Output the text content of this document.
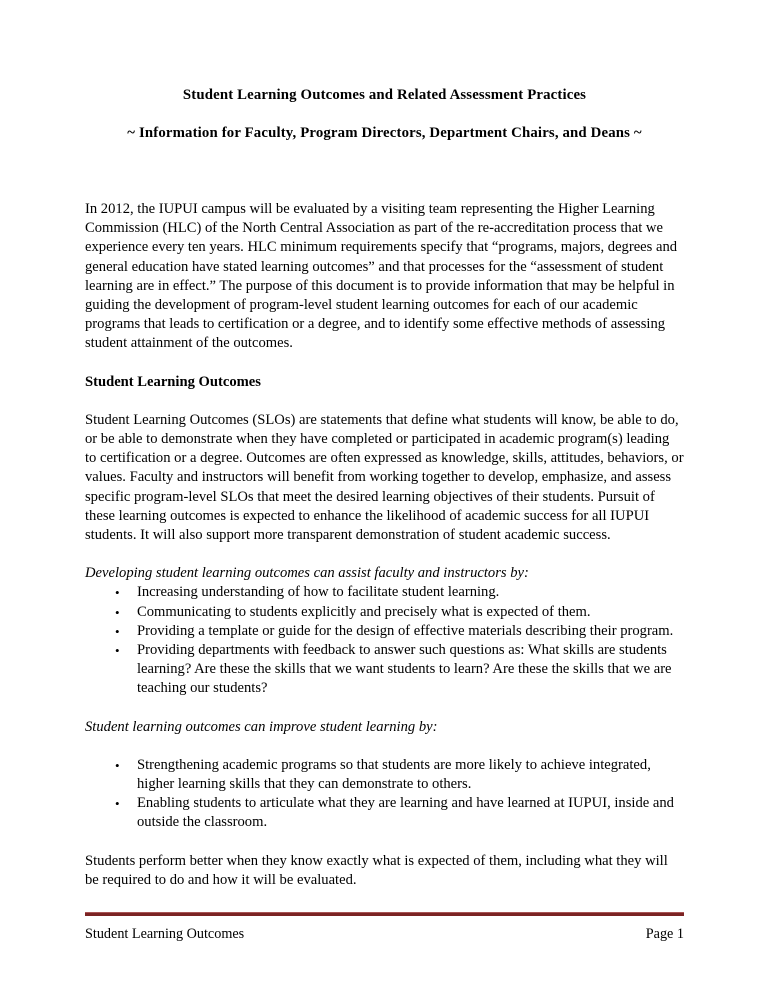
Student Learning Outcomes and Related Assessment Practices
~ Information for Faculty, Program Directors, Department Chairs, and Deans ~

In 2012, the IUPUI campus will be evaluated by a visiting team representing the Higher Learning Commission (HLC) of the North Central Association as part of the re-accreditation process that we experience every ten years. HLC minimum requirements specify that “programs, majors, degrees and general education have stated learning outcomes” and that processes for the “assessment of student learning are in effect.” The purpose of this document is to provide information that may be helpful in guiding the development of program-level student learning outcomes for each of our academic programs that leads to certification or a degree, and to identify some effective methods of assessing student attainment of the outcomes.

Student Learning Outcomes

Student Learning Outcomes (SLOs) are statements that define what students will know, be able to do, or be able to demonstrate when they have completed or participated in academic program(s) leading to certification or a degree. Outcomes are often expressed as knowledge, skills, attitudes, behaviors, or values. Faculty and instructors will benefit from working together to develop, emphasize, and assess specific program-level SLOs that meet the desired learning objectives of their students. Pursuit of these learning outcomes is expected to enhance the likelihood of academic success for all IUPUI students. It will also support more transparent demonstration of student academic success.

Developing student learning outcomes can assist faculty and instructors by:

• Increasing understanding of how to facilitate student learning.
• Communicating to students explicitly and precisely what is expected of them.
• Providing a template or guide for the design of effective materials describing their program.
• Providing departments with feedback to answer such questions as: What skills are students learning? Are these the skills that we want students to learn? Are these the skills that we are teaching our students?

Student learning outcomes can improve student learning by:

• Strengthening academic programs so that students are more likely to achieve integrated, higher learning skills that they can demonstrate to others.
• Enabling students to articulate what they are learning and have learned at IUPUI, inside and outside the classroom.

Students perform better when they know exactly what is expected of them, including what they will be required to do and how it will be evaluated.

Student Learning Outcomes	Page 1
